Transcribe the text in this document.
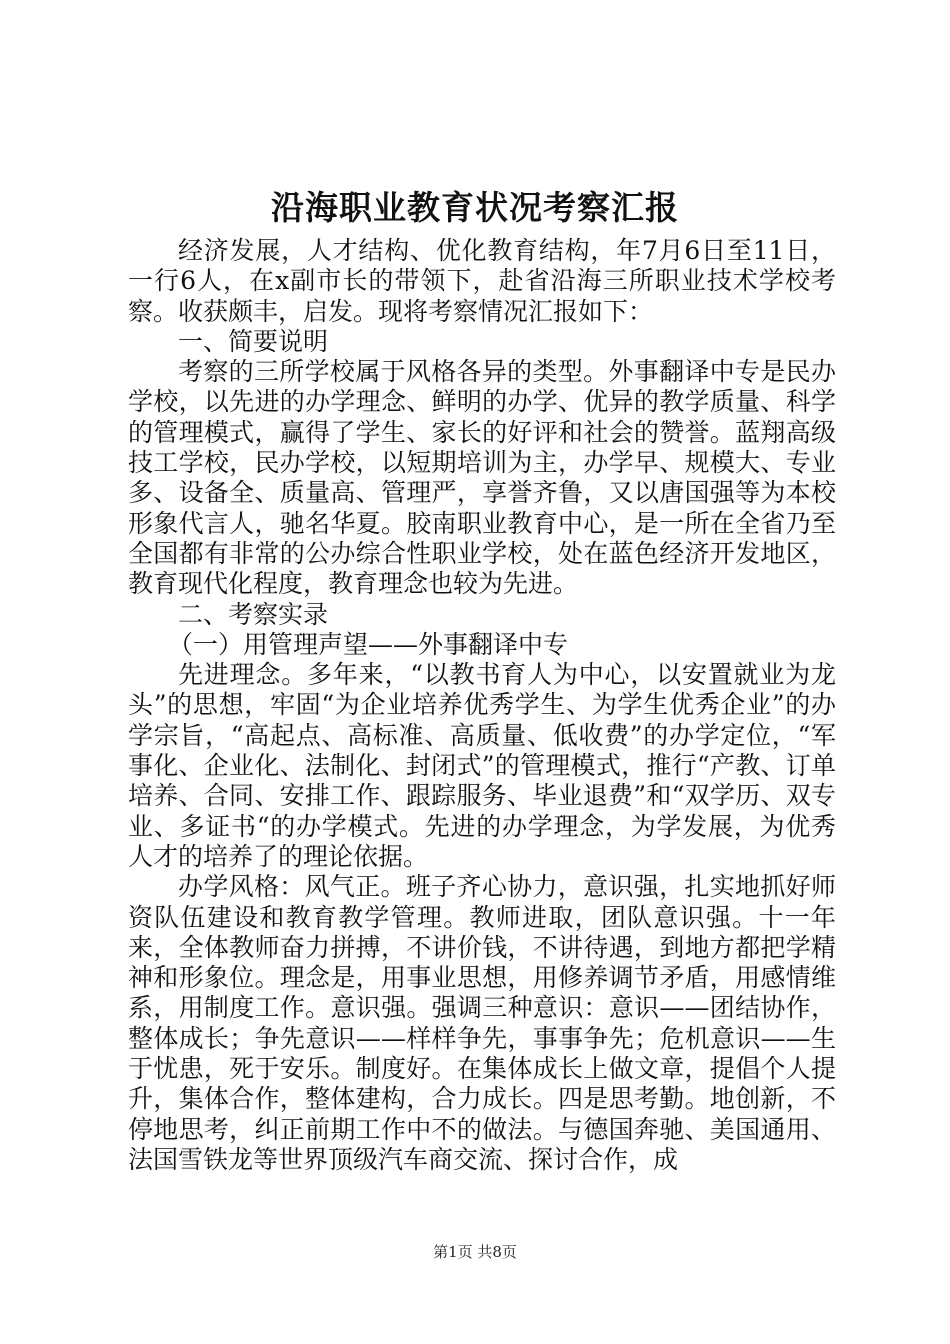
沿海职业教育状况考察汇报

经济发展，人才结构、优化教育结构，年7月6日至11日，一行6人，在x副市长的带领下，赴省沿海三所职业技术学校考察。收获颇丰，启发。现将考察情况汇报如下：

一、简要说明

考察的三所学校属于风格各异的类型。外事翻译中专是民办学校，以先进的办学理念、鲜明的办学、优异的教学质量、科学的管理模式，赢得了学生、家长的好评和社会的赞誉。蓝翔高级技工学校，民办学校，以短期培训为主，办学早、规模大、专业多、设备全、质量高、管理严，享誉齐鲁，又以唐国强等为本校形象代言人，驰名华夏。胶南职业教育中心，是一所在全省乃至全国都有非常的公办综合性职业学校，处在蓝色经济开发地区，教育现代化程度，教育理念也较为先进。

二、考察实录

（一）用管理声望——外事翻译中专

先进理念。多年来，“以教书育人为中心，以安置就业为龙头”的思想，牢固“为企业培养优秀学生、为学生优秀企业”的办学宗旨，“高起点、高标准、高质量、低收费”的办学定位，“军事化、企业化、法制化、封闭式”的管理模式，推行“产教、订单培养、合同、安排工作、跟踪服务、毕业退费”和“双学历、双专业、多证书“的办学模式。先进的办学理念，为学发展，为优秀人才的培养了的理论依据。

办学风格：风气正。班子齐心协力，意识强，扎实地抓好师资队伍建设和教育教学管理。教师进取，团队意识强。十一年来，全体教师奋力拼搏，不讲价钱，不讲待遇，到地方都把学精神和形象位。理念是，用事业思想，用修养调节矛盾，用感情维系，用制度工作。意识强。强调三种意识：意识——团结协作，整体成长；争先意识——样样争先，事事争先；危机意识——生于忧患，死于安乐。制度好。在集体成长上做文章，提倡个人提升，集体合作，整体建构，合力成长。四是思考勤。地创新，不停地思考，纠正前期工作中不的做法。与德国奔驰、美国通用、法国雪铁龙等世界顶级汽车商交流、探讨合作，成

第1页 共8页
